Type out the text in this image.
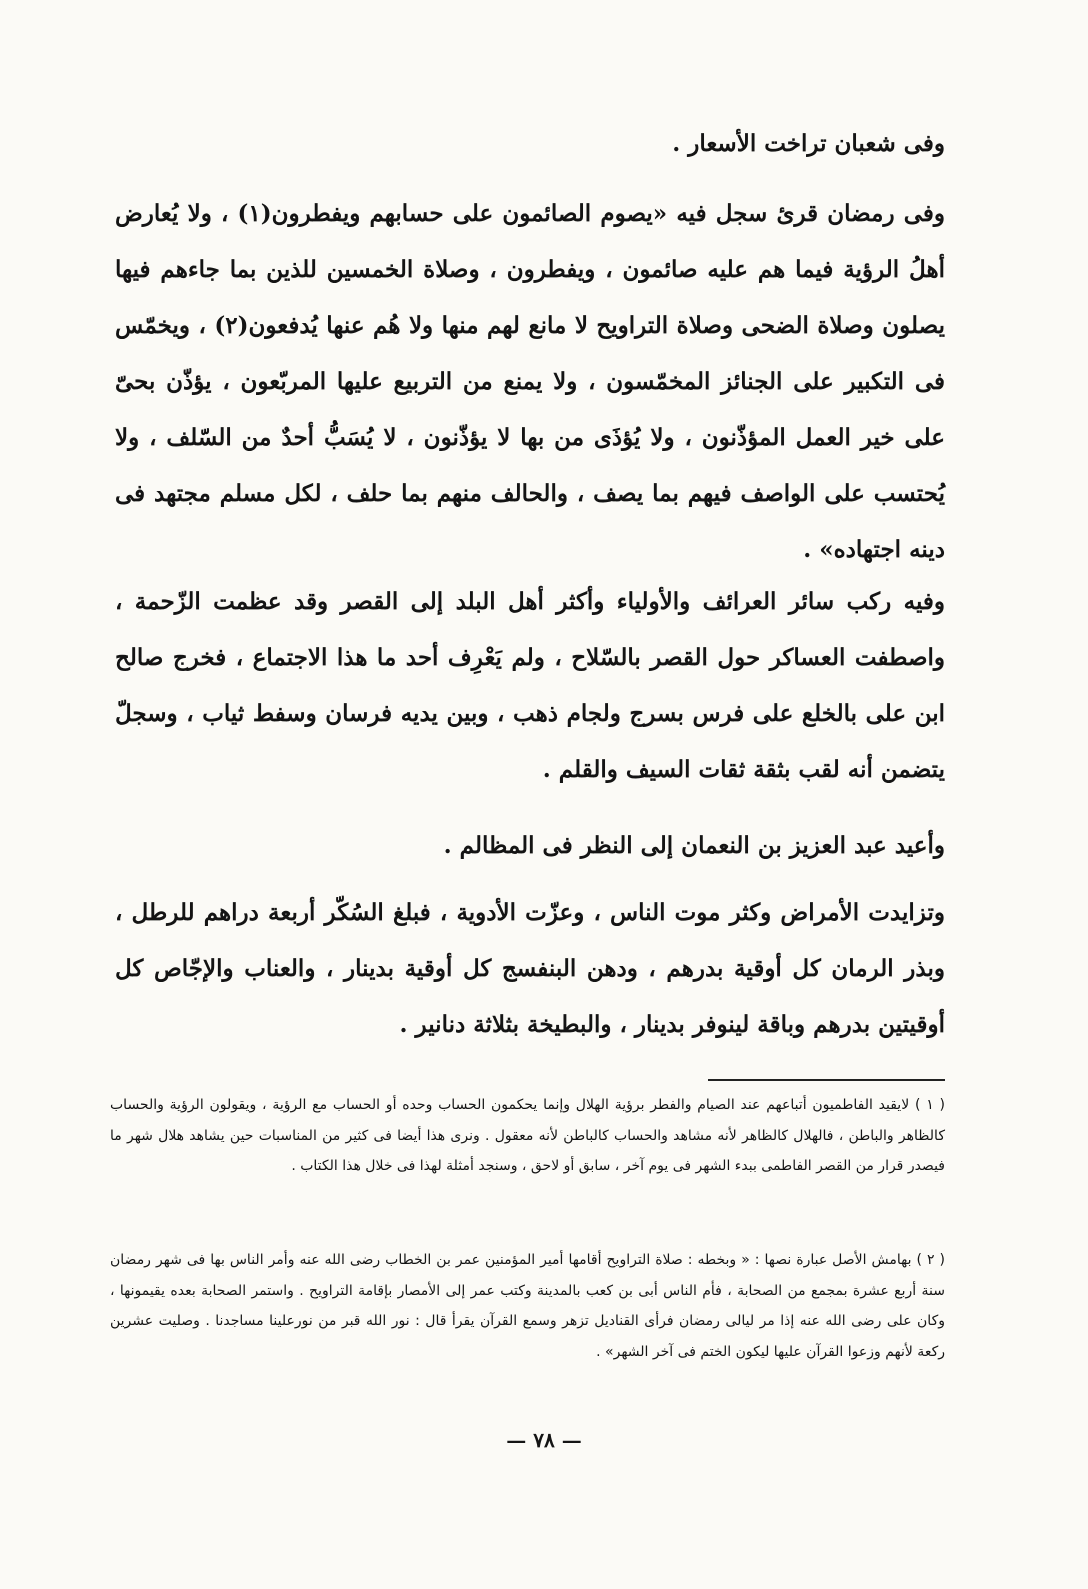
وفى شعبان تراخت الأسعار .

وفى رمضان قرئ سجل فيه «يصوم الصائمون على حسابهم ويفطرون(١) ، ولا يُعارض أهلُ الرؤية فيما هم عليه صائمون ، ويفطرون ، وصلاة الخمسين للذين بما جاءهم فيها يصلون وصلاة الضحى وصلاة التراويح لا مانع لهم منها ولا هُم عنها يُدفعون(٢) ، ويخمّس فى التكبير على الجنائز المخمّسون ، ولا يمنع من التربيع عليها المربّعون ، يؤذّن بحىّ على خير العمل المؤذّنون ، ولا يُؤذَى من بها لا يؤذّنون ، لا يُسَبُّ أحدٌ من السّلف ، ولا يُحتسب على الواصف فيهم بما يصف ، والحالف منهم بما حلف ، لكل مسلم مجتهد فى دينه اجتهاده» .

وفيه ركب سائر العرائف والأولياء وأكثر أهل البلد إلى القصر وقد عظمت الزّحمة ، واصطفت العساكر حول القصر بالسّلاح ، ولم يَعْرِف أحد ما هذا الاجتماع ، فخرج صالح ابن على بالخلع على فرس بسرج ولجام ذهب ، وبين يديه فرسان وسفط ثياب ، وسجلّ يتضمن أنه لقب بثقة ثقات السيف والقلم .

وأعيد عبد العزيز بن النعمان إلى النظر فى المظالم .

وتزايدت الأمراض وكثر موت الناس ، وعزّت الأدوية ، فبلغ السُكّر أربعة دراهم للرطل ، وبذر الرمان كل أوقية بدرهم ، ودهن البنفسج كل أوقية بدينار ، والعناب والإجّاص كل أوقيتين بدرهم وباقة لينوفر بدينار ، والبطيخة بثلاثة دنانير .

( ١ ) لايقيد الفاطميون أتباعهم عند الصيام والفطر برؤية الهلال وإنما يحكمون الحساب وحده أو الحساب مع الرؤية ، ويقولون الرؤية والحساب كالظاهر والباطن ، فالهلال كالظاهر لأنه مشاهد والحساب كالباطن لأنه معقول . ونرى هذا أيضا فى كثير من المناسبات حين يشاهد هلال شهر ما فيصدر قرار من القصر الفاطمى ببدء الشهر فى يوم آخر ، سابق أو لاحق ، وسنجد أمثلة لهذا فى خلال هذا الكتاب .

( ٢ ) بهامش الأصل عبارة نصها : « وبخطه : صلاة التراويح أقامها أمير المؤمنين عمر بن الخطاب رضى الله عنه وأمر الناس بها فى شهر رمضان سنة أربع عشرة بمجمع من الصحابة ، فأم الناس أبى بن كعب بالمدينة وكتب عمر إلى الأمصار بإقامة التراويح . واستمر الصحابة بعده يقيمونها ، وكان على رضى الله عنه إذا مر ليالى رمضان فرأى القناديل تزهر وسمع القرآن يقرأ قال : نور الله قبر من نورعلينا مساجدنا . وصليت عشرين ركعة لأنهم وزعوا القرآن عليها ليكون الختم فى آخر الشهر» .

— ٧٨ —
